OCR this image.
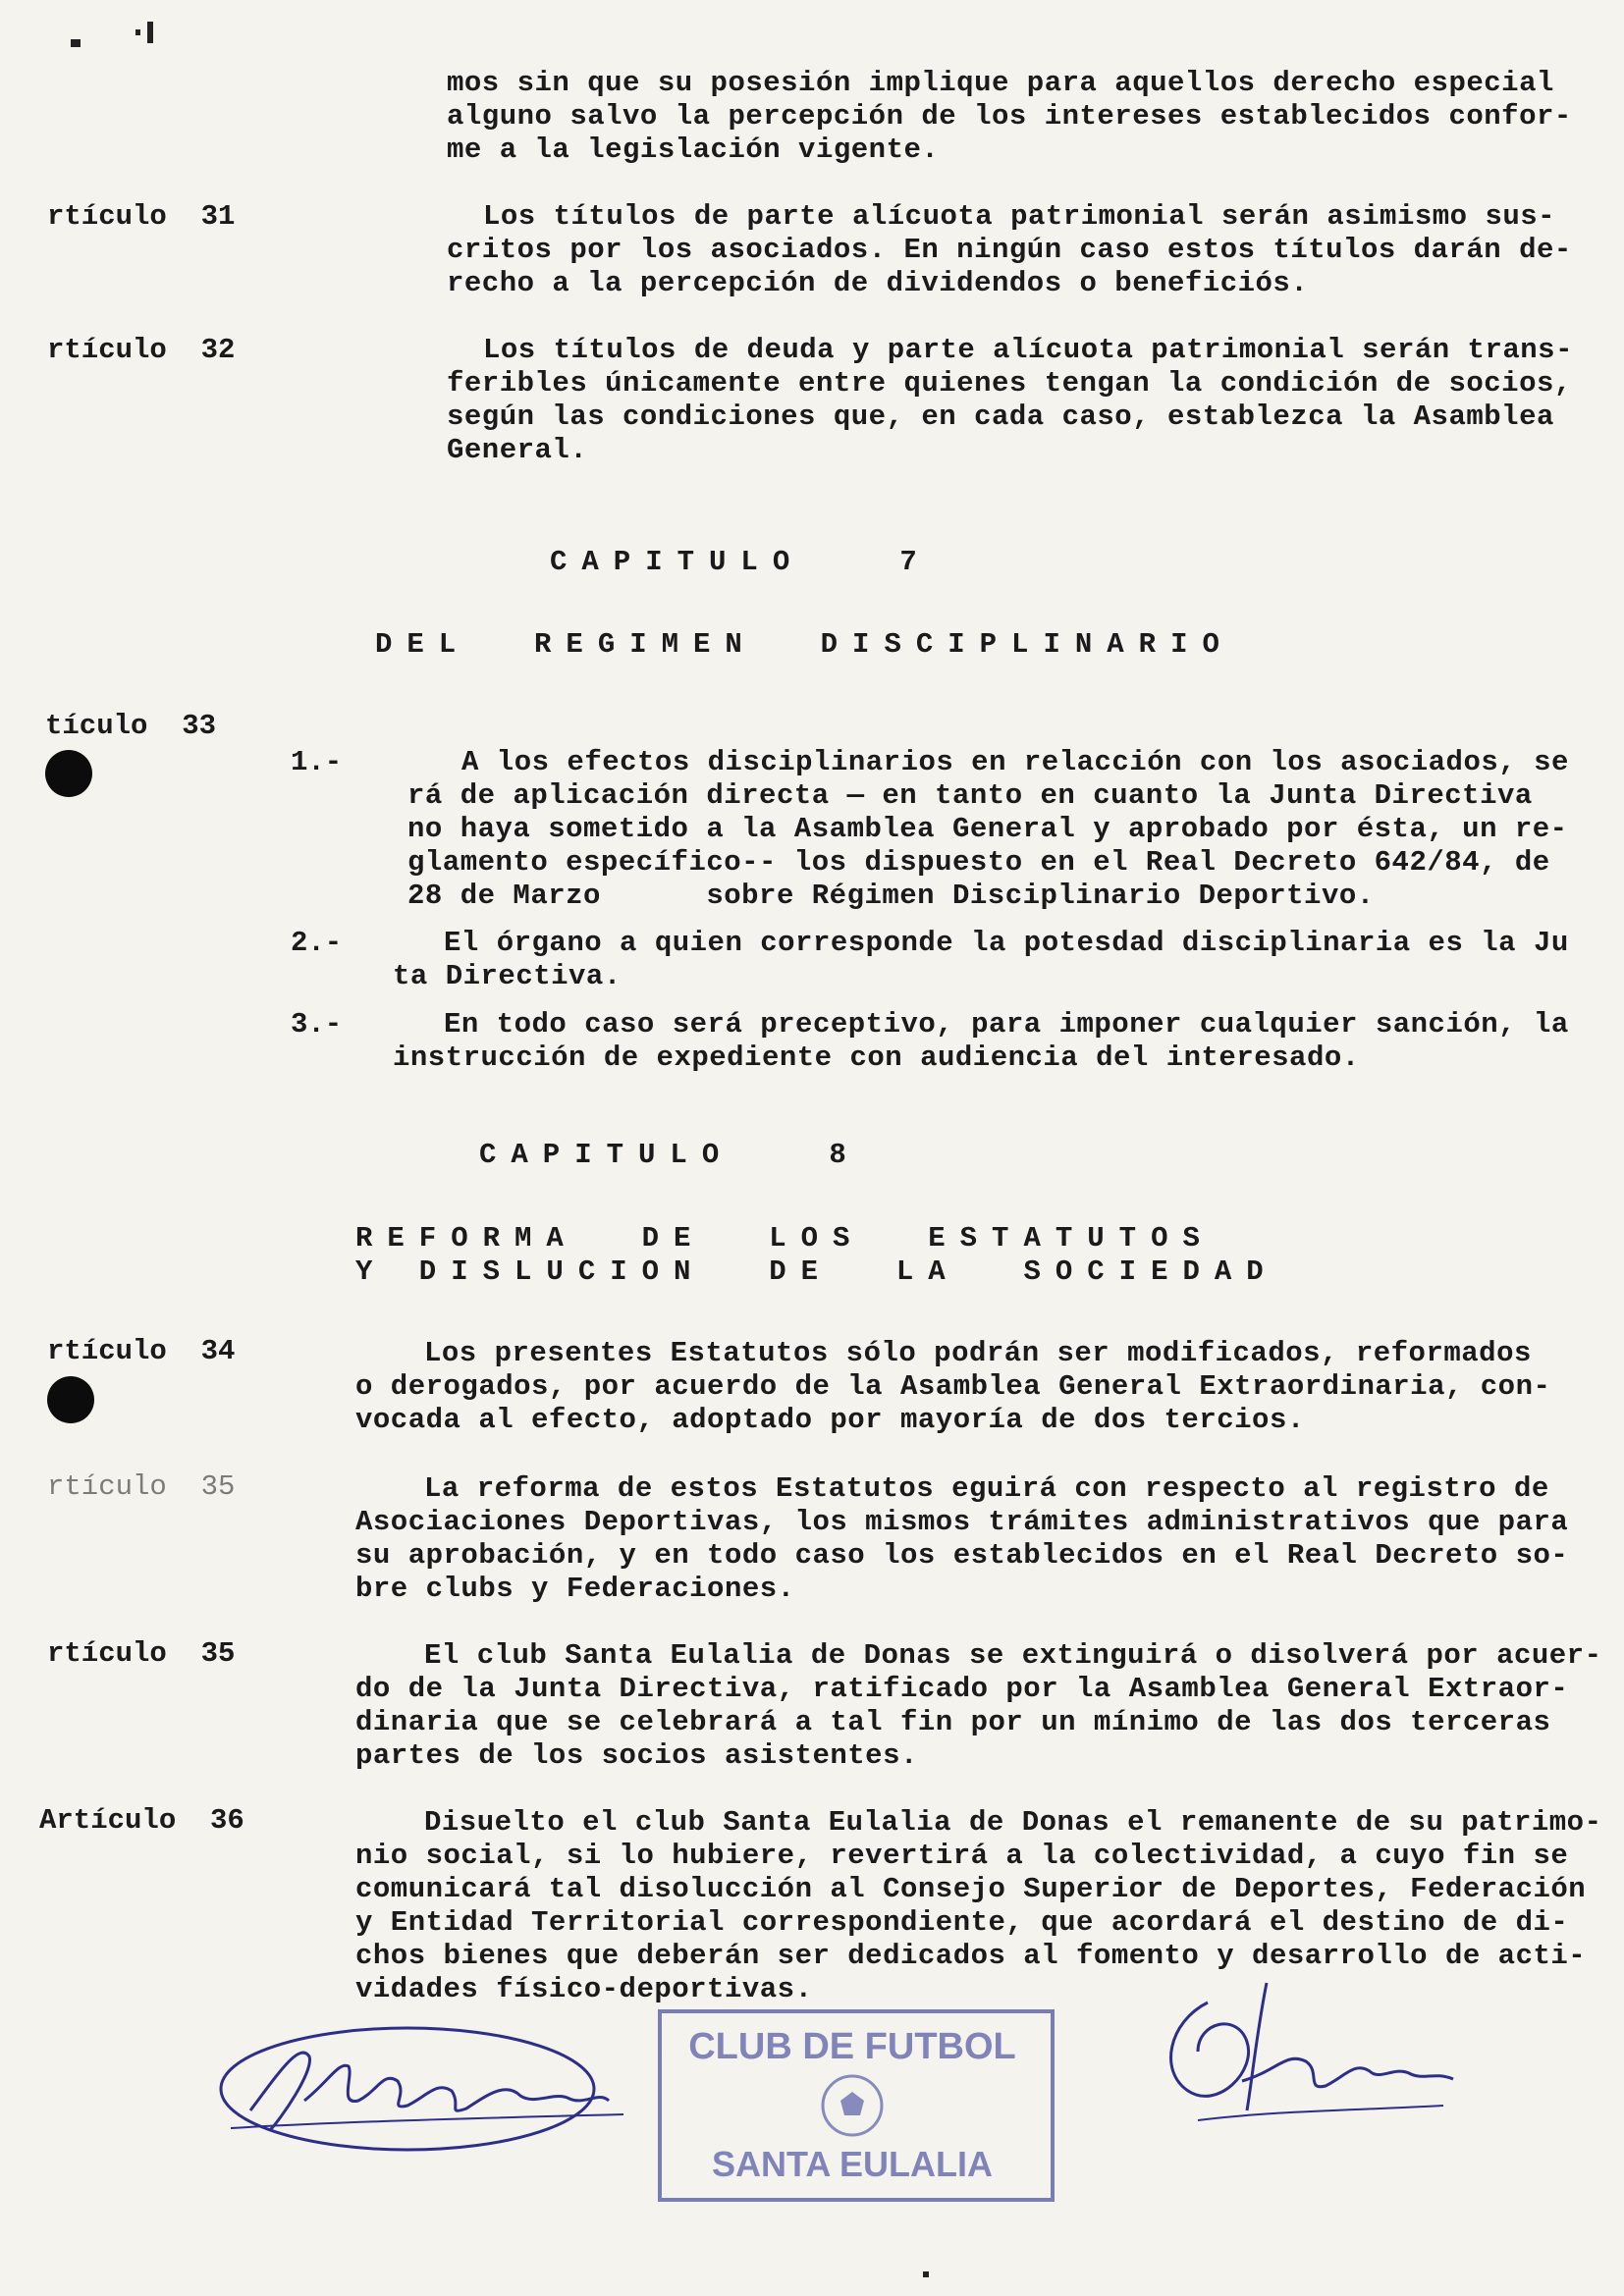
mos sin que su posesión implique para aquellos derecho especial
alguno salvo la percepción de los intereses establecidos confor-
me a la legislación vigente.
rtículo  31	Los títulos de parte alícuota patrimonial serán asimismo sus-
critos por los asociados. En ningún caso estos títulos darán de-
recho a la percepción de dividendos o beneficiós.
rtículo  32	Los títulos de deuda y parte alícuota patrimonial serán trans-
feribles únicamente entre quienes tengan la condición de socios,
según las condiciones que, en cada caso, establezca la Asamblea
General.
CAPITULO   7
DEL  REGIMEN  DISCIPLINARIO
tículo  33
1.-	A los efectos disciplinarios en relacción con los asociados, se
rá de aplicación directa — en tanto en cuanto la Junta Directiva
no haya sometido a la Asamblea General y aprobado por ésta, un re-
glamento específico-- los dispuesto en el Real Decreto 642/84, de
28 de Marzo      sobre Régimen Disciplinario Deportivo.
2.-	El órgano a quien corresponde la potesdad disciplinaria es la Ju
ta Directiva.
3.-	En todo caso será preceptivo, para imponer cualquier sanción, la
instrucción de expediente con audiencia del interesado.
CAPITULO   8
REFORMA  DE  LOS  ESTATUTOS
Y DISLUCION  DE  LA  SOCIEDAD
rtículo  34	Los presentes Estatutos sólo podrán ser modificados, reformados
o derogados, por acuerdo de la Asamblea General Extraordinaria, con-
vocada al efecto, adoptado por mayoría de dos tercios.
rtículo  35	La reforma de estos Estatutos eguirá con respecto al registro de
Asociaciones Deportivas, los mismos trámites administrativos que para
su aprobación, y en todo caso los establecidos en el Real Decreto so-
bre clubs y Federaciones.
rtículo  35	El club Santa Eulalia de Donas se extinguirá o disolverá por acuer-
do de la Junta Directiva, ratificado por la Asamblea General Extraor-
dinaria que se celebrará a tal fin por un mínimo de las dos terceras
partes de los socios asistentes.
Artículo  36	Disuelto el club Santa Eulalia de Donas el remanente de su patrimo-
nio social, si lo hubiere, revertirá a la colectividad, a cuyo fin se
comunicará tal disolucción al Consejo Superior de Deportes, Federación
y Entidad Territorial correspondiente, que acordará el destino de di-
chos bienes que deberán ser dedicados al fomento y desarrollo de acti-
vidades físico-deportivas.
CLUB DE FUTBOL
SANTA EULALIA
